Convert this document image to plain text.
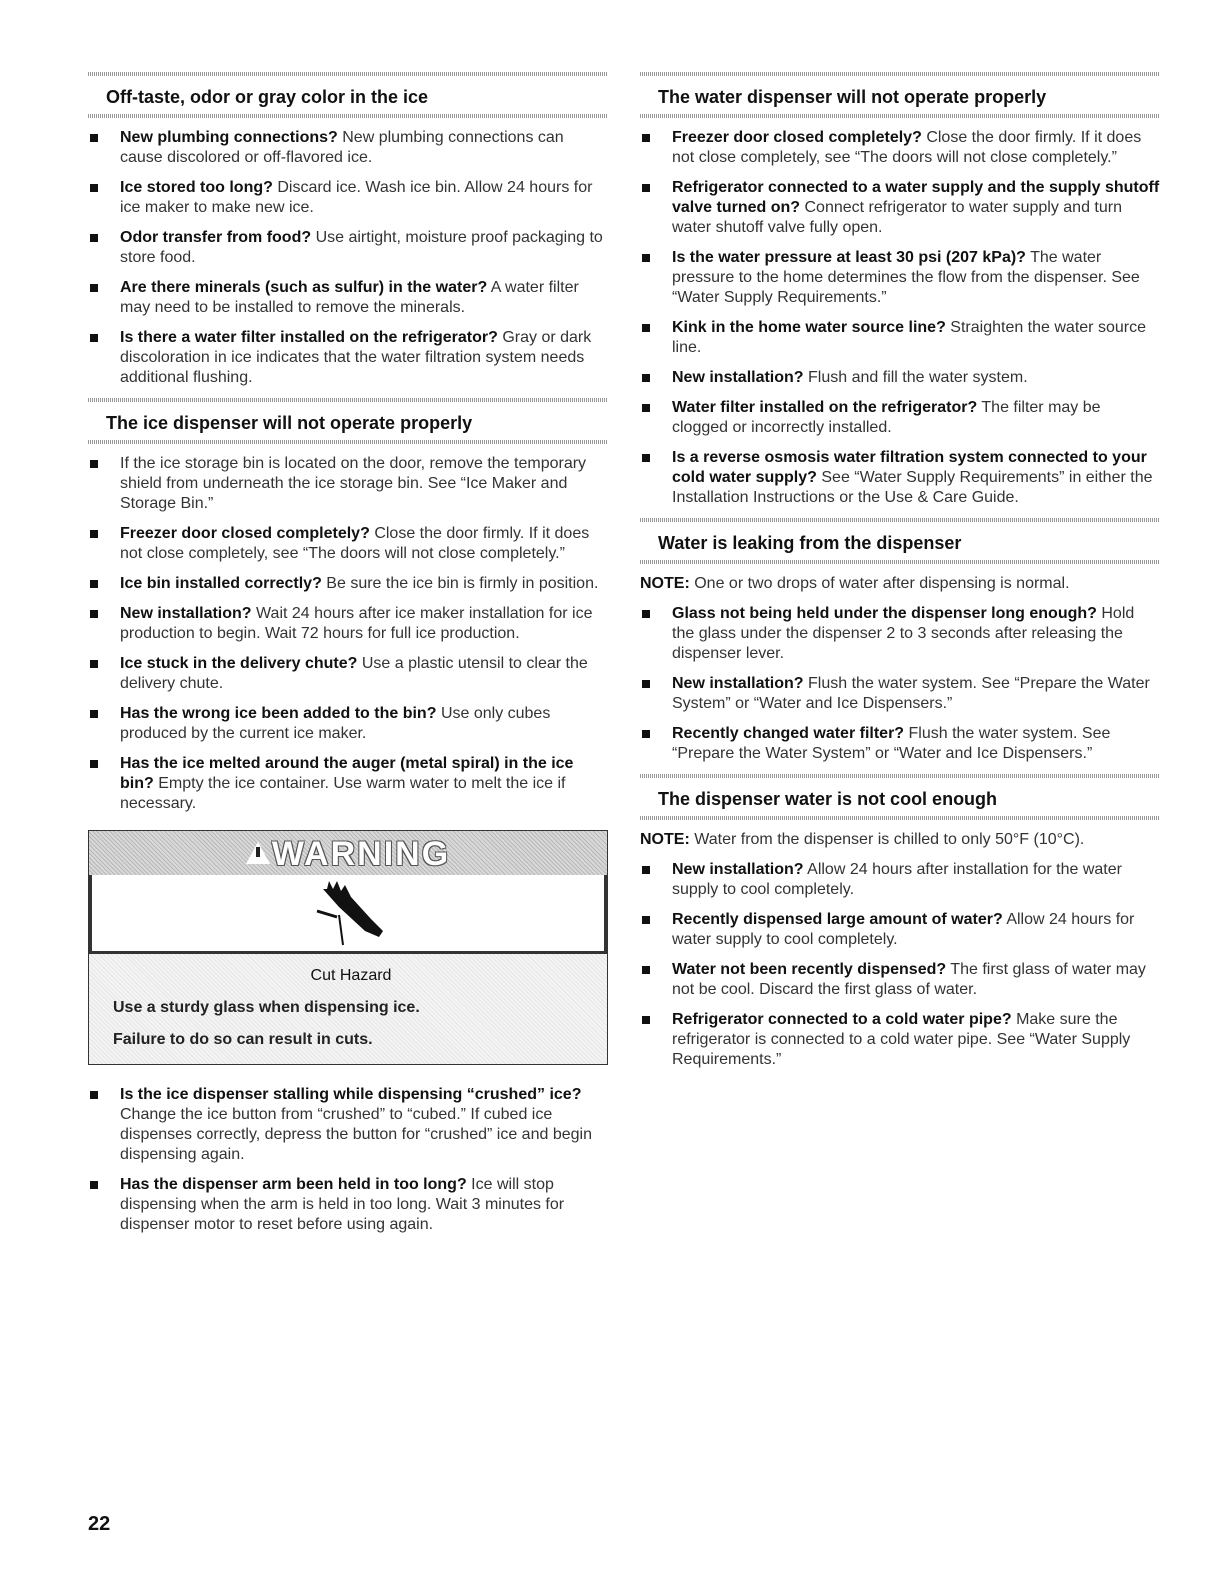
Off-taste, odor or gray color in the ice
New plumbing connections? New plumbing connections can cause discolored or off-flavored ice.
Ice stored too long? Discard ice. Wash ice bin. Allow 24 hours for ice maker to make new ice.
Odor transfer from food? Use airtight, moisture proof packaging to store food.
Are there minerals (such as sulfur) in the water? A water filter may need to be installed to remove the minerals.
Is there a water filter installed on the refrigerator? Gray or dark discoloration in ice indicates that the water filtration system needs additional flushing.
The ice dispenser will not operate properly
If the ice storage bin is located on the door, remove the temporary shield from underneath the ice storage bin. See “Ice Maker and Storage Bin.”
Freezer door closed completely? Close the door firmly. If it does not close completely, see “The doors will not close completely.”
Ice bin installed correctly? Be sure the ice bin is firmly in position.
New installation? Wait 24 hours after ice maker installation for ice production to begin. Wait 72 hours for full ice production.
Ice stuck in the delivery chute? Use a plastic utensil to clear the delivery chute.
Has the wrong ice been added to the bin? Use only cubes produced by the current ice maker.
Has the ice melted around the auger (metal spiral) in the ice bin? Empty the ice container. Use warm water to melt the ice if necessary.
WARNING
Cut Hazard
Use a sturdy glass when dispensing ice.
Failure to do so can result in cuts.
Is the ice dispenser stalling while dispensing “crushed” ice? Change the ice button from “crushed” to “cubed.” If cubed ice dispenses correctly, depress the button for “crushed” ice and begin dispensing again.
Has the dispenser arm been held in too long? Ice will stop dispensing when the arm is held in too long. Wait 3 minutes for dispenser motor to reset before using again.
The water dispenser will not operate properly
Freezer door closed completely? Close the door firmly. If it does not close completely, see “The doors will not close completely.”
Refrigerator connected to a water supply and the supply shutoff valve turned on? Connect refrigerator to water supply and turn water shutoff valve fully open.
Is the water pressure at least 30 psi (207 kPa)? The water pressure to the home determines the flow from the dispenser. See “Water Supply Requirements.”
Kink in the home water source line? Straighten the water source line.
New installation? Flush and fill the water system.
Water filter installed on the refrigerator? The filter may be clogged or incorrectly installed.
Is a reverse osmosis water filtration system connected to your cold water supply? See “Water Supply Requirements” in either the Installation Instructions or the Use & Care Guide.
Water is leaking from the dispenser

NOTE: One or two drops of water after dispensing is normal.

Glass not being held under the dispenser long enough? Hold the glass under the dispenser 2 to 3 seconds after releasing the dispenser lever.
New installation? Flush the water system. See “Prepare the Water System” or “Water and Ice Dispensers.”
Recently changed water filter? Flush the water system. See “Prepare the Water System” or “Water and Ice Dispensers.”
The dispenser water is not cool enough

NOTE: Water from the dispenser is chilled to only 50°F (10°C).

New installation? Allow 24 hours after installation for the water supply to cool completely.
Recently dispensed large amount of water? Allow 24 hours for water supply to cool completely.
Water not been recently dispensed? The first glass of water may not be cool. Discard the first glass of water.
Refrigerator connected to a cold water pipe? Make sure the refrigerator is connected to a cold water pipe. See “Water Supply Requirements.”
22
